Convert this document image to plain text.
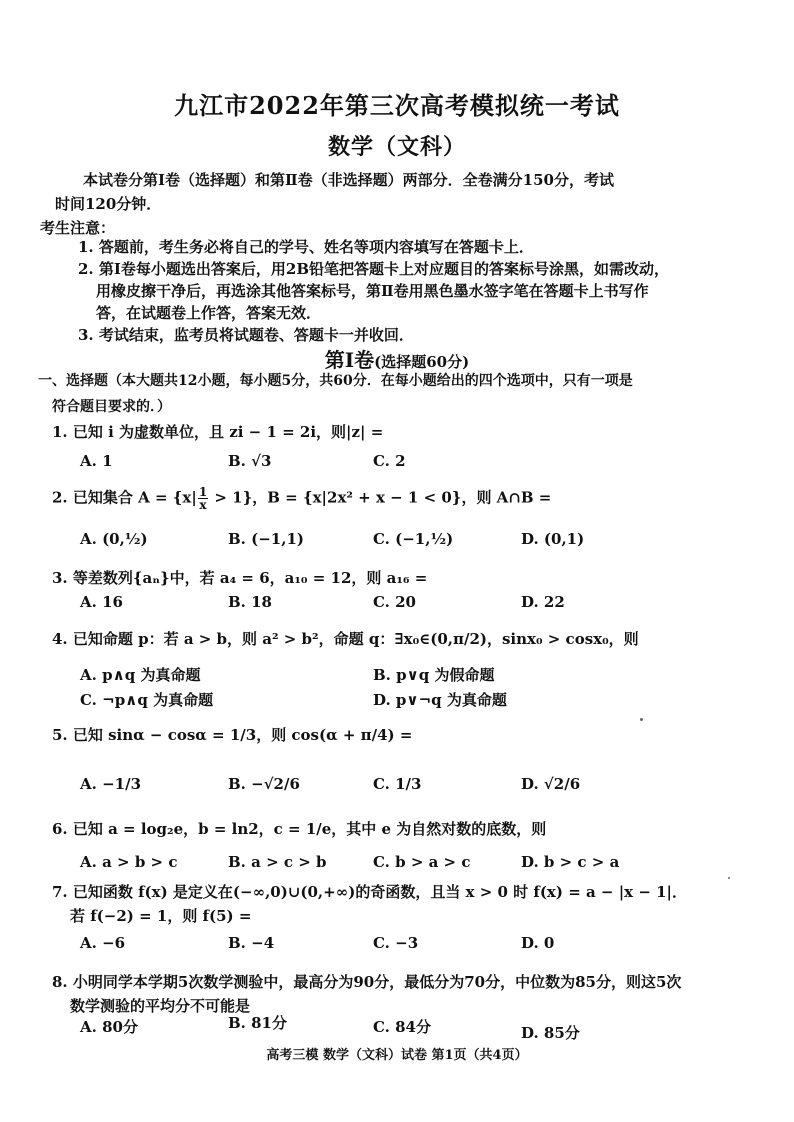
九江市2022年第三次高考模拟统一考试
数学（文科）

本试卷分第Ⅰ卷（选择题）和第Ⅱ卷（非选择题）两部分．全卷满分150分，考试

时间120分钟．

考生注意：
1. 答题前，考生务必将自己的学号、姓名等项内容填写在答题卡上．
2. 第Ⅰ卷每小题选出答案后，用2B铅笔把答题卡上对应题目的答案标号涂黑，如需改动，
用橡皮擦干净后，再选涂其他答案标号，第Ⅱ卷用黑色墨水签字笔在答题卡上书写作
答，在试题卷上作答，答案无效．
3. 考试结束，监考员将试题卷、答题卡一并收回．
第Ⅰ卷(选择题60分)
一、选择题（本大题共12小题，每小题5分，共60分．在每小题给出的四个选项中，只有一项是
符合题目要求的．）
1. 已知 i 为虚数单位，且 zi − 1 = 2i，则|z| =
A. 1	B. √3	C. 2
2. 已知集合 $A = \{x| \frac{1}{x} > 1\}$，B = {x|2x² + x − 1 < 0}，则 A∩B =
A. (0,½)	B. (−1,1)	C. (−1,½)	D. (0,1)
3. 等差数列{aₙ}中，若 a₄ = 6，a₁₀ = 12，则 a₁₆ =
A. 16	B. 18	C. 20	D. 22
4. 已知命题 p：若 a > b，则 a² > b²，命题 q：∃x₀∈(0,π/2)，sinx₀ > cosx₀，则
A. p∧q 为真命题	B. p∨q 为假命题
C. ¬p∧q 为真命题	D. p∨¬q 为真命题
5. 已知 sinα − cosα = 1/3，则 cos(α + π/4) =
A. −1/3	B. −√2/6	C. 1/3	D. √2/6
6. 已知 a = log₂e，b = ln2，c = 1/e，其中 e 为自然对数的底数，则
A. a > b > c	B. a > c > b	C. b > a > c	D. b > c > a
7. 已知函数 f(x) 是定义在(−∞,0)∪(0,+∞)的奇函数，且当 x > 0 时 f(x) = a − |x − 1|．
若 f(−2) = 1，则 f(5) =
A. −6	B. −4	C. −3	D. 0
8. 小明同学本学期5次数学测验中，最高分为90分，最低分为70分，中位数为85分，则这5次
数学测验的平均分不可能是
A. 80分	B. 81分	C. 84分	D. 85分
高考三模 数学（文科）试卷 第1页（共4页）
